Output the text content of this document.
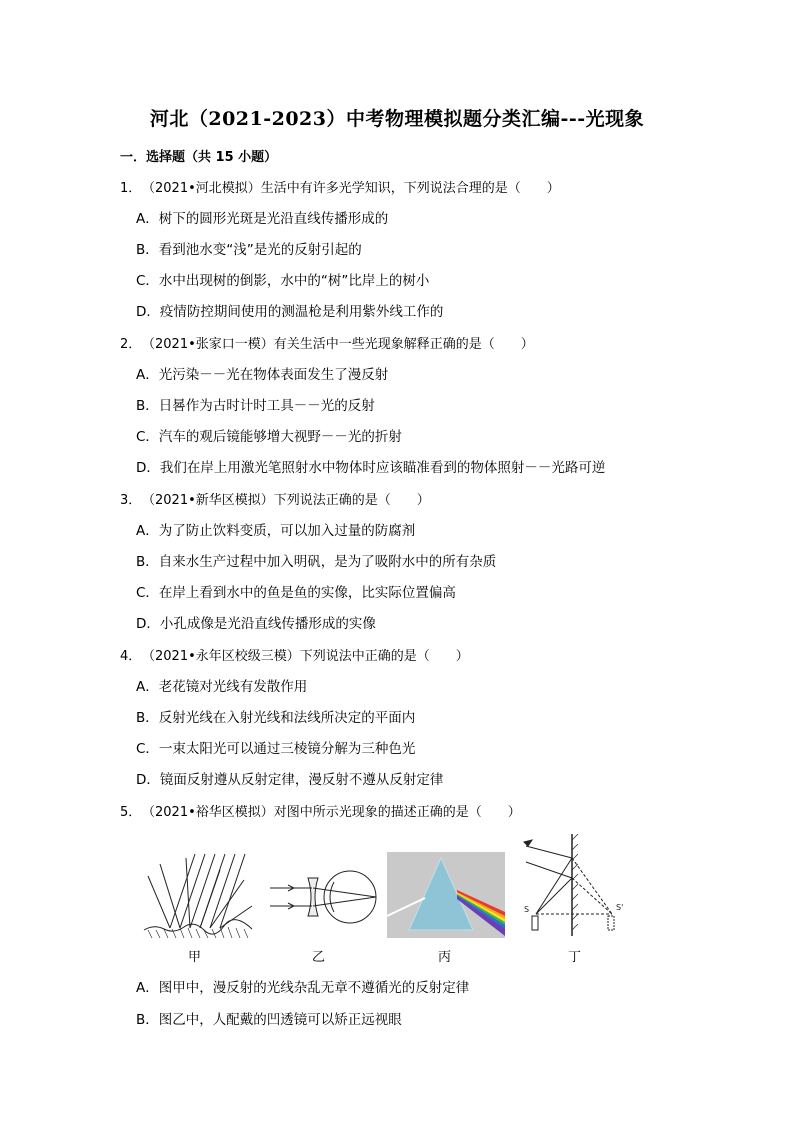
河北（2021-2023）中考物理模拟题分类汇编---光现象
一．选择题（共 15 小题）
1．（2021•河北模拟）生活中有许多光学知识，下列说法合理的是（　　）
A．树下的圆形光斑是光沿直线传播形成的
B．看到池水变“浅”是光的反射引起的
C．水中出现树的倒影，水中的“树”比岸上的树小
D．疫情防控期间使用的测温枪是利用紫外线工作的
2．（2021•张家口一模）有关生活中一些光现象解释正确的是（　　）
A．光污染－－光在物体表面发生了漫反射
B．日晷作为古时计时工具－－光的反射
C．汽车的观后镜能够增大视野－－光的折射
D．我们在岸上用激光笔照射水中物体时应该瞄准看到的物体照射－－光路可逆
3．（2021•新华区模拟）下列说法正确的是（　　）
A．为了防止饮料变质，可以加入过量的防腐剂
B．自来水生产过程中加入明矾，是为了吸附水中的所有杂质
C．在岸上看到水中的鱼是鱼的实像，比实际位置偏高
D．小孔成像是光沿直线传播形成的实像
4．（2021•永年区校级三模）下列说法中正确的是（　　）
A．老花镜对光线有发散作用
B．反射光线在入射光线和法线所决定的平面内
C．一束太阳光可以通过三棱镜分解为三种色光
D．镜面反射遵从反射定律，漫反射不遵从反射定律
5．（2021•裕华区模拟）对图中所示光现象的描述正确的是（　　）
甲	乙	丙
S	S'
丁
A．图甲中，漫反射的光线杂乱无章不遵循光的反射定律
B．图乙中，人配戴的凹透镜可以矫正远视眼
